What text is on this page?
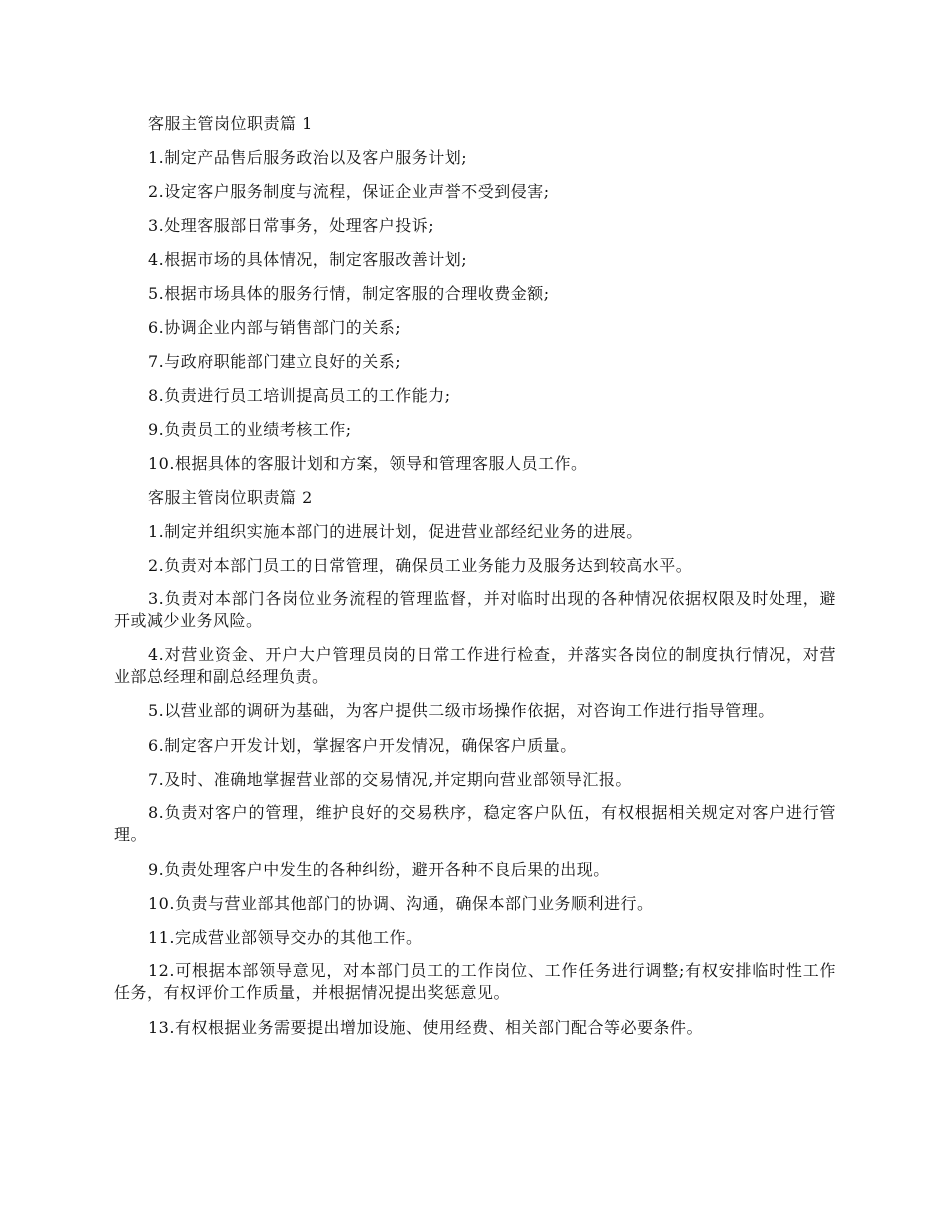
客服主管岗位职责篇 1

1.制定产品售后服务政治以及客户服务计划;

2.设定客户服务制度与流程，保证企业声誉不受到侵害;

3.处理客服部日常事务，处理客户投诉;

4.根据市场的具体情况，制定客服改善计划;

5.根据市场具体的服务行情，制定客服的合理收费金额;

6.协调企业内部与销售部门的关系;

7.与政府职能部门建立良好的关系;

8.负责进行员工培训提高员工的工作能力;

9.负责员工的业绩考核工作;

10.根据具体的客服计划和方案，领导和管理客服人员工作。

客服主管岗位职责篇 2

1.制定并组织实施本部门的进展计划，促进营业部经纪业务的进展。

2.负责对本部门员工的日常管理，确保员工业务能力及服务达到较高水平。

3.负责对本部门各岗位业务流程的管理监督，并对临时出现的各种情况依据权限及时处理，避开或减少业务风险。

4.对营业资金、开户大户管理员岗的日常工作进行检查，并落实各岗位的制度执行情况，对营业部总经理和副总经理负责。

5.以营业部的调研为基础，为客户提供二级市场操作依据，对咨询工作进行指导管理。

6.制定客户开发计划，掌握客户开发情况，确保客户质量。

7.及时、准确地掌握营业部的交易情况,并定期向营业部领导汇报。

8.负责对客户的管理，维护良好的交易秩序，稳定客户队伍，有权根据相关规定对客户进行管理。

9.负责处理客户中发生的各种纠纷，避开各种不良后果的出现。

10.负责与营业部其他部门的协调、沟通，确保本部门业务顺利进行。

11.完成营业部领导交办的其他工作。

12.可根据本部领导意见，对本部门员工的工作岗位、工作任务进行调整;有权安排临时性工作任务，有权评价工作质量，并根据情况提出奖惩意见。

13.有权根据业务需要提出增加设施、使用经费、相关部门配合等必要条件。
